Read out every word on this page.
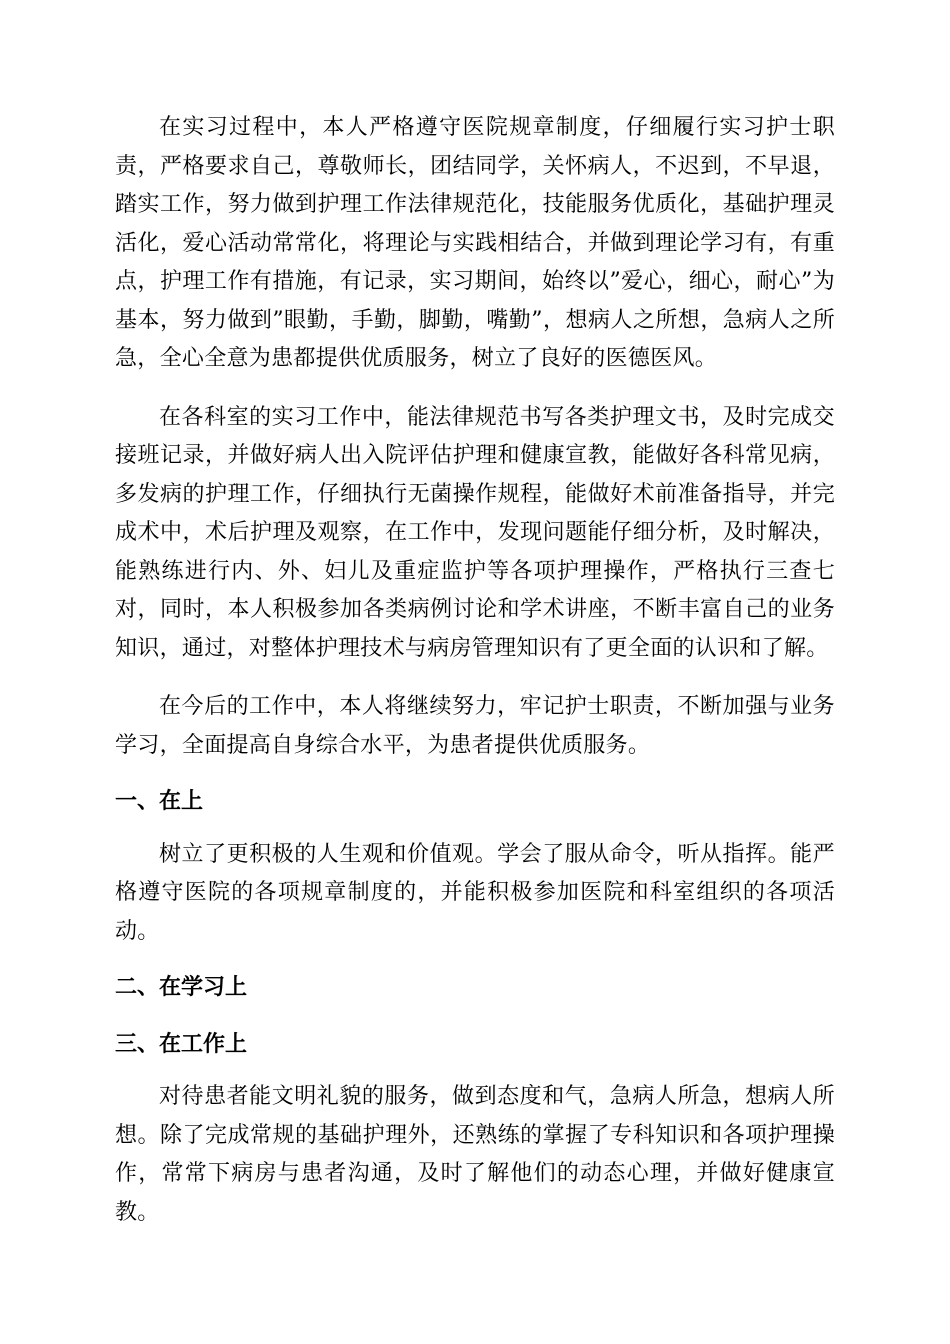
在实习过程中，本人严格遵守医院规章制度，仔细履行实习护士职责，严格要求自己，尊敬师长，团结同学，关怀病人，不迟到，不早退，踏实工作，努力做到护理工作法律规范化，技能服务优质化，基础护理灵活化，爱心活动常常化，将理论与实践相结合，并做到理论学习有，有重点，护理工作有措施，有记录，实习期间，始终以”爱心，细心，耐心”为基本，努力做到”眼勤，手勤，脚勤，嘴勤”，想病人之所想，急病人之所急，全心全意为患都提供优质服务，树立了良好的医德医风。

在各科室的实习工作中，能法律规范书写各类护理文书，及时完成交接班记录，并做好病人出入院评估护理和健康宣教，能做好各科常见病，多发病的护理工作，仔细执行无菌操作规程，能做好术前准备指导，并完成术中，术后护理及观察，在工作中，发现问题能仔细分析，及时解决，能熟练进行内、外、妇儿及重症监护等各项护理操作，严格执行三查七对，同时，本人积极参加各类病例讨论和学术讲座，不断丰富自己的业务知识，通过，对整体护理技术与病房管理知识有了更全面的认识和了解。

在今后的工作中，本人将继续努力，牢记护士职责，不断加强与业务学习，全面提高自身综合水平，为患者提供优质服务。

一、在上

树立了更积极的人生观和价值观。学会了服从命令，听从指挥。能严格遵守医院的各项规章制度的，并能积极参加医院和科室组织的各项活动。

二、在学习上
三、在工作上

对待患者能文明礼貌的服务，做到态度和气，急病人所急，想病人所想。除了完成常规的基础护理外，还熟练的掌握了专科知识和各项护理操作，常常下病房与患者沟通，及时了解他们的动态心理，并做好健康宣教。
